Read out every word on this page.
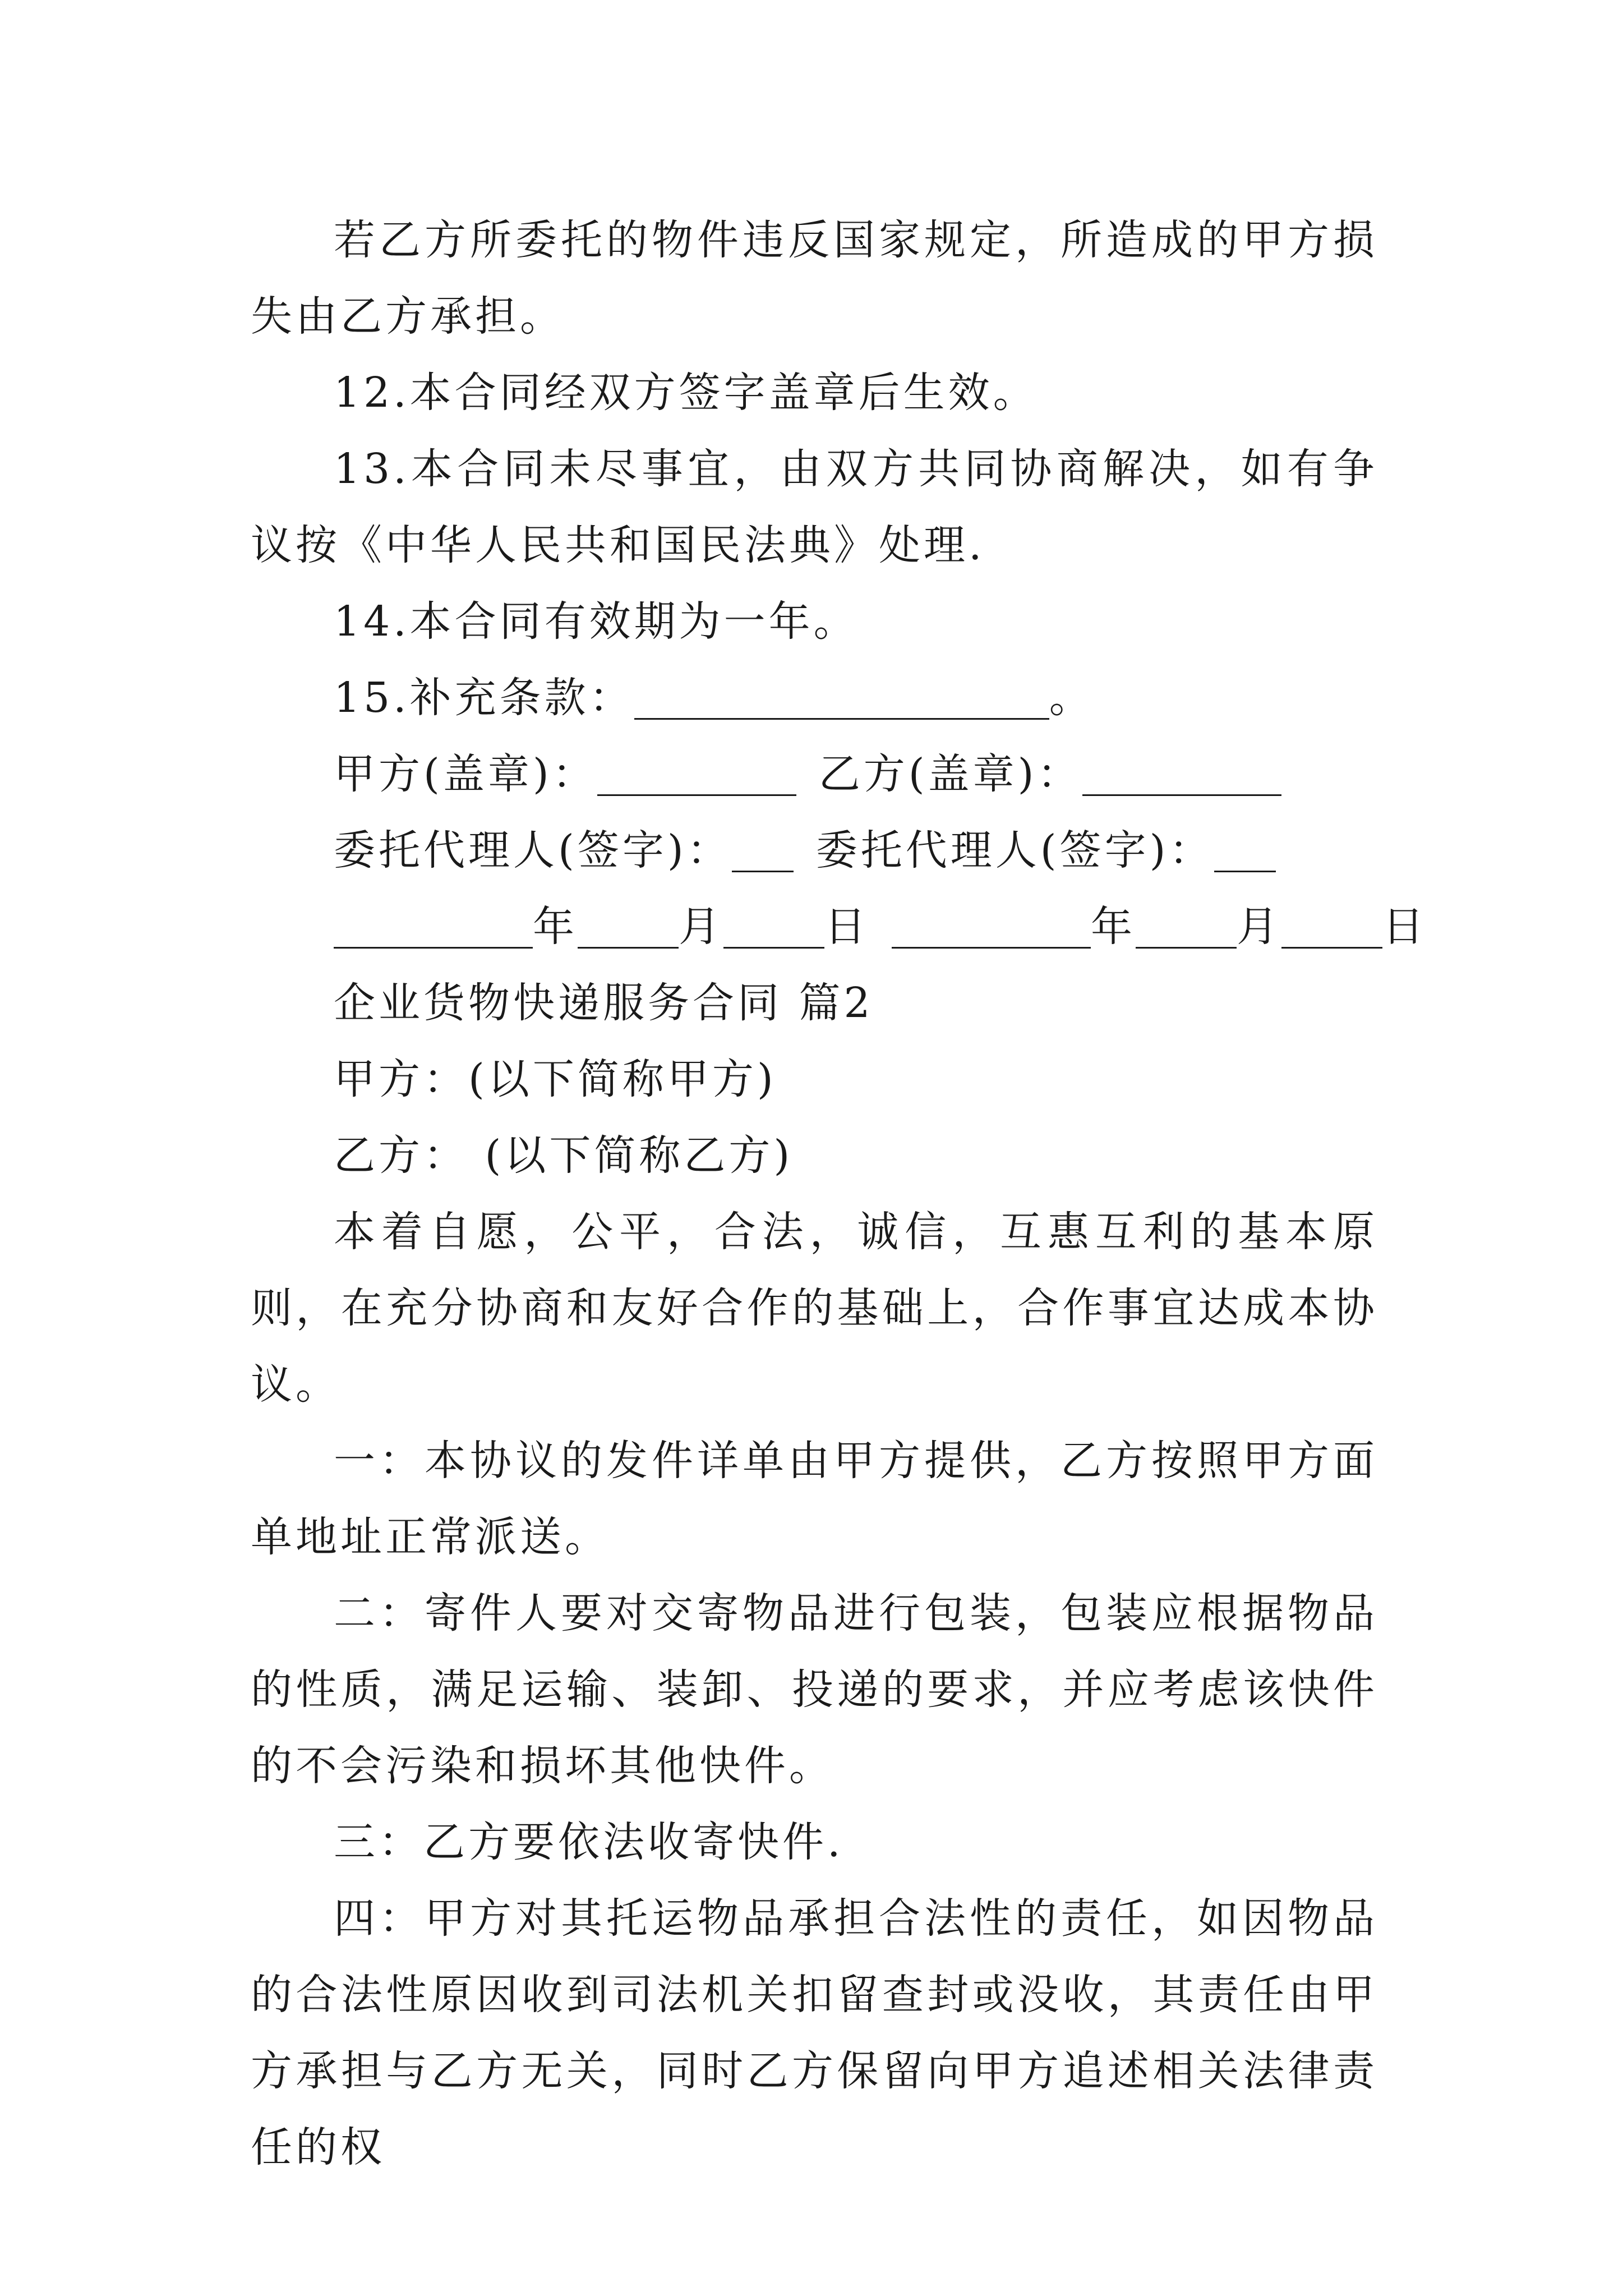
若乙方所委托的物件违反国家规定，所造成的甲方损失由乙方承担。

12.本合同经双方签字盖章后生效。

13.本合同未尽事宜，由双方共同协商解决，如有争议按《中华人民共和国民法典》处理.

14.本合同有效期为一年。

15.补充条款：	。
甲方(盖章)：	乙方(盖章)：
委托代理人(签字)： 委托代理人(签字)：
年 月 日	年 月 日
企业货物快递服务合同 篇2
甲方：(以下简称甲方)
乙方： (以下简称乙方)

本着自愿，公平，合法，诚信，互惠互利的基本原则，在充分协商和友好合作的基础上，合作事宜达成本协议。

一：本协议的发件详单由甲方提供，乙方按照甲方面单地址正常派送。

二：寄件人要对交寄物品进行包装，包装应根据物品的性质，满足运输、装卸、投递的要求，并应考虑该快件的不会污染和损坏其他快件。

三：乙方要依法收寄快件.

四：甲方对其托运物品承担合法性的责任，如因物品的合法性原因收到司法机关扣留查封或没收，其责任由甲方承担与乙方无关，同时乙方保留向甲方追述相关法律责任的权
